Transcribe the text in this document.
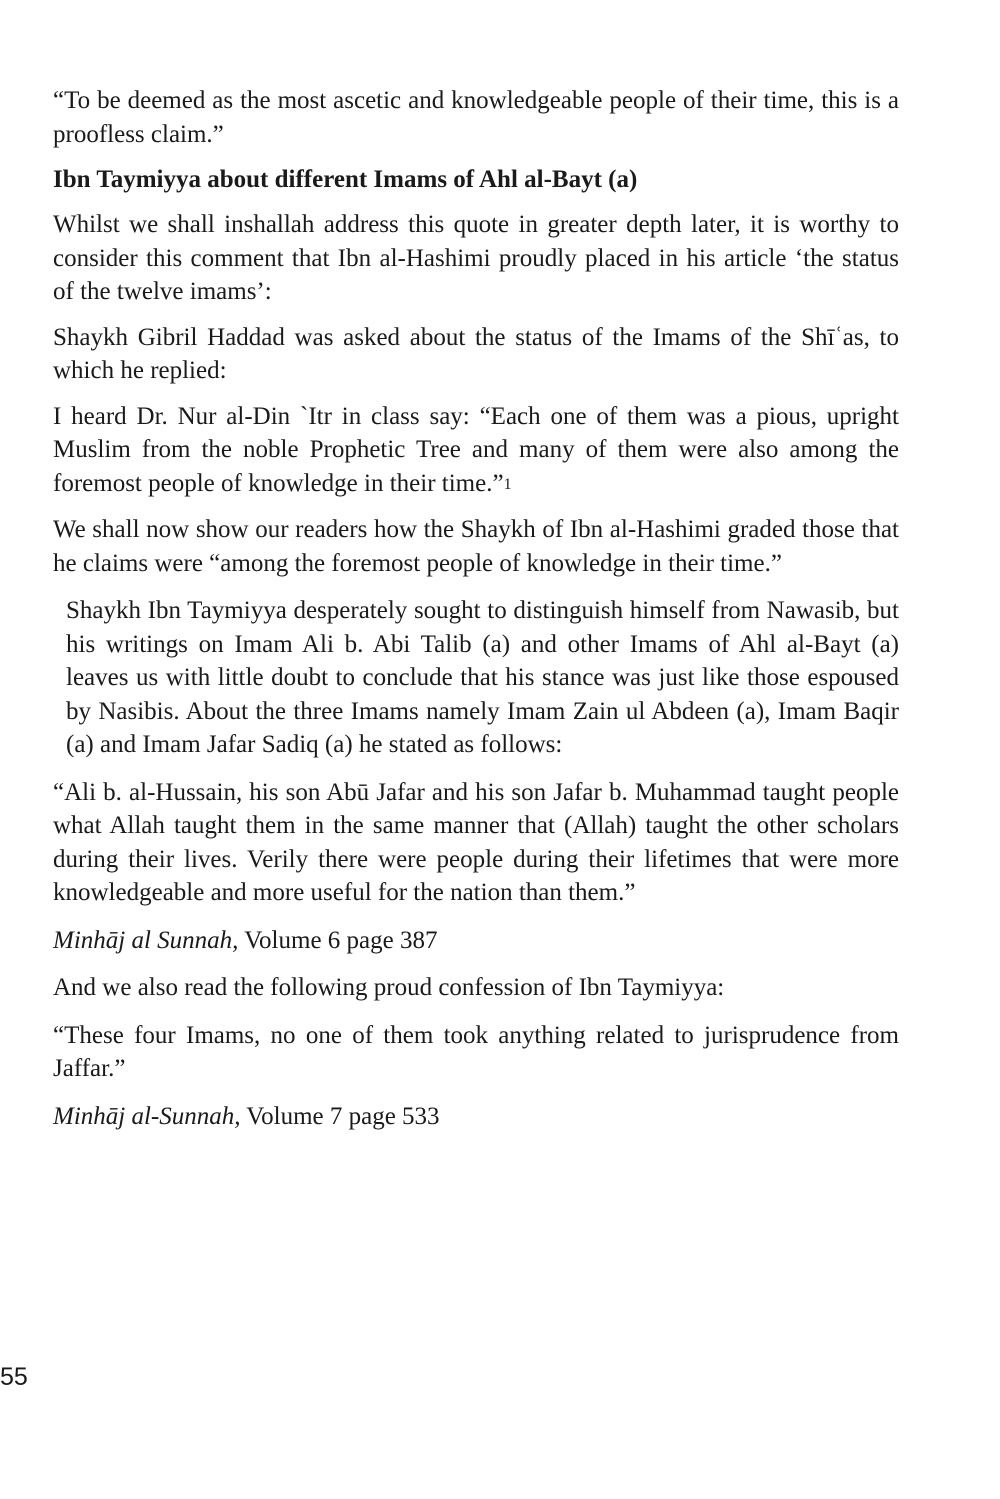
“To be deemed as the most ascetic and knowledgeable people of their time, this is a proofless claim.”

Ibn Taymiyya about different Imams of Ahl al-Bayt (a)

Whilst we shall inshallah address this quote in greater depth later, it is worthy to consider this comment that Ibn al-Hashimi proudly placed in his article ‘the status of the twelve imams’:

Shaykh Gibril Haddad was asked about the status of the Imams of the Shīʿas, to which he replied:

I heard Dr. Nur al-Din `Itr in class say: “Each one of them was a pious, upright Muslim from the noble Prophetic Tree and many of them were also among the foremost people of knowledge in their time.”1

We shall now show our readers how the Shaykh of Ibn al-Hashimi graded those that he claims were “among the foremost people of knowledge in their time.”

Shaykh Ibn Taymiyya desperately sought to distinguish himself from Nawasib, but his writings on Imam Ali b. Abi Talib (a) and other Imams of Ahl al-Bayt (a) leaves us with little doubt to conclude that his stance was just like those espoused by Nasibis. About the three Imams namely Imam Zain ul Abdeen (a), Imam Baqir (a) and Imam Jafar Sadiq (a) he stated as follows:

“Ali b. al-Hussain, his son Abū Jafar and his son Jafar b. Muhammad taught people what Allah taught them in the same manner that (Allah) taught the other scholars during their lives. Verily there were people during their lifetimes that were more knowledgeable and more useful for the nation than them.”

Minhāj al Sunnah, Volume 6 page 387

And we also read the following proud confession of Ibn Taymiyya:

“These four Imams, no one of them took anything related to jurisprudence from Jaffar.”

Minhāj al-Sunnah, Volume 7 page 533

55
